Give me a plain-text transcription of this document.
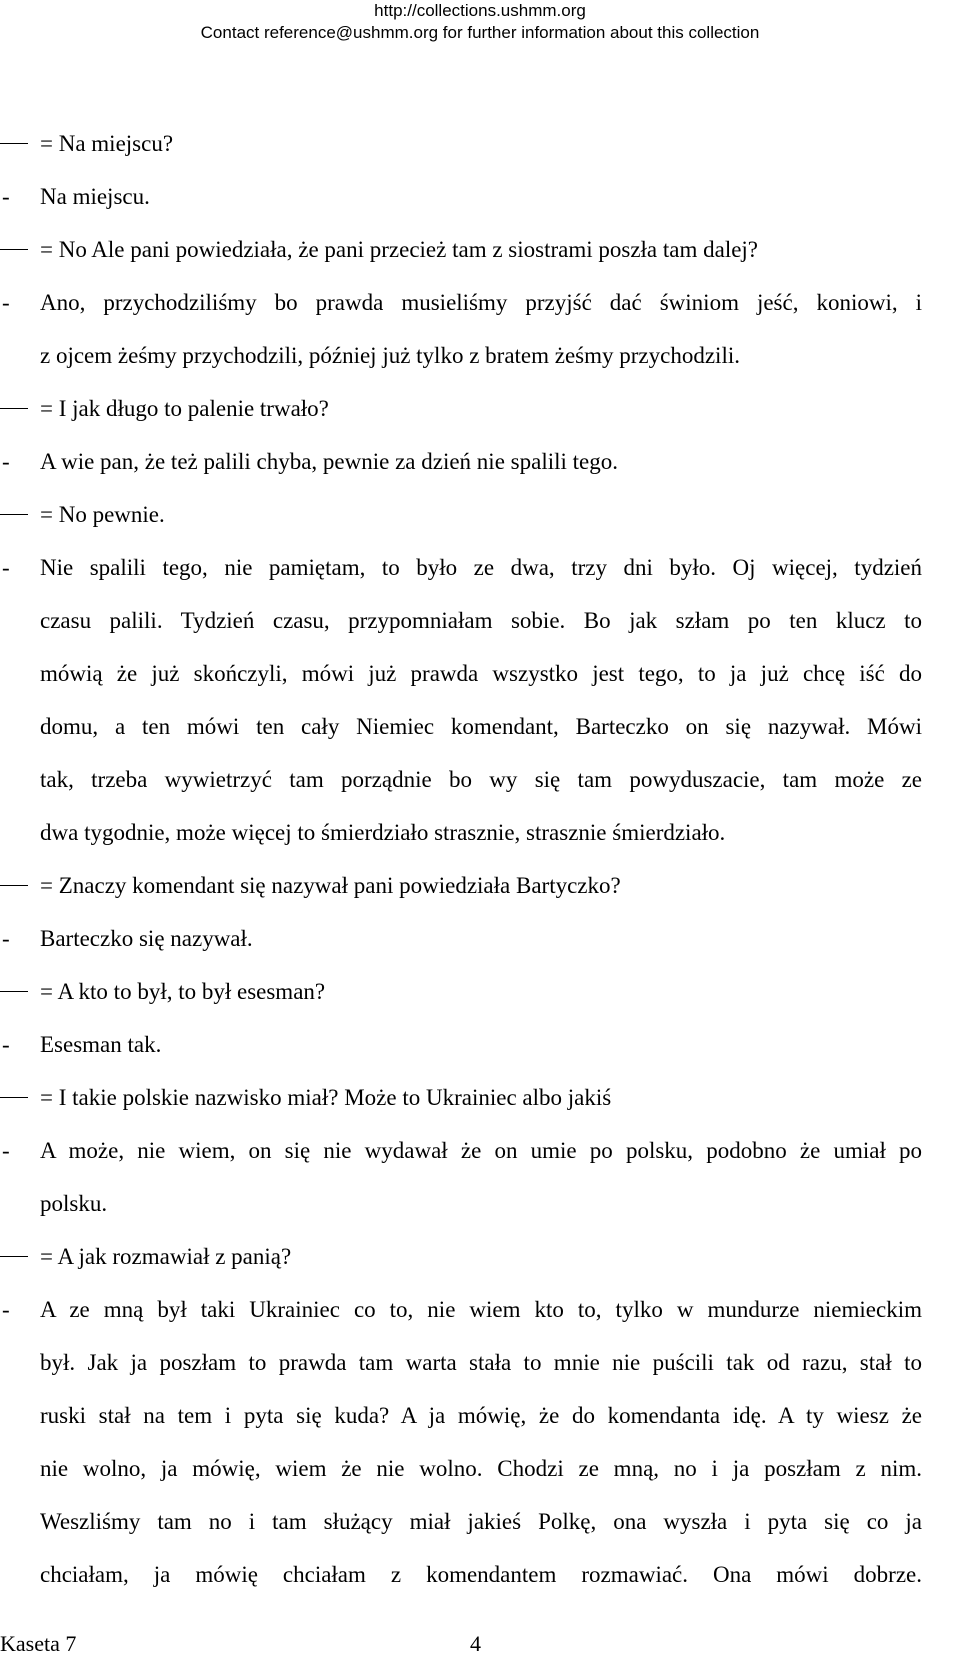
http://collections.ushmm.org
Contact reference@ushmm.org for further information about this collection
= Na miejscu?
-	Na miejscu.
= No Ale pani powiedziała, że pani przecież tam z siostrami poszła tam dalej?
-	Ano, przychodziliśmy bo prawda musieliśmy przyjść dać świniom jeść, koniowi, i
z ojcem żeśmy przychodzili, później już tylko z bratem żeśmy przychodzili.
= I jak długo to palenie trwało?
-	A wie pan, że też palili chyba, pewnie za dzień nie spalili tego.
= No pewnie.
-	Nie spalili tego, nie pamiętam, to było ze dwa, trzy dni było. Oj więcej, tydzień
czasu palili. Tydzień czasu, przypomniałam sobie. Bo jak szłam po ten klucz to
mówią że już skończyli, mówi już prawda wszystko jest tego, to ja już chcę iść do
domu, a ten mówi ten cały Niemiec komendant, Barteczko on się nazywał. Mówi
tak, trzeba wywietrzyć tam porządnie bo wy się tam powyduszacie, tam może ze
dwa tygodnie, może więcej to śmierdziało strasznie, strasznie śmierdziało.
= Znaczy komendant się nazywał pani powiedziała Bartyczko?
-	Barteczko się nazywał.
= A kto to był, to był esesman?
-	Esesman tak.
= I takie polskie nazwisko miał? Może to Ukrainiec albo jakiś
-	A może, nie wiem, on się nie wydawał że on umie po polsku, podobno że umiał po
polsku.
= A jak rozmawiał z panią?
-	A ze mną był taki Ukrainiec co to, nie wiem kto to, tylko w mundurze niemieckim
był. Jak ja poszłam to prawda tam warta stała to mnie nie puścili tak od razu, stał to
ruski stał na tem i pyta się kuda? A ja mówię, że do komendanta idę. A ty wiesz że
nie wolno, ja mówię, wiem że nie wolno. Chodzi ze mną, no i ja poszłam z nim.
Weszliśmy tam no i tam służący miał jakieś Polkę, ona wyszła i pyta się co ja
chciałam, ja mówię chciałam z komendantem rozmawiać. Ona mówi dobrze.
Kaseta 7	4
